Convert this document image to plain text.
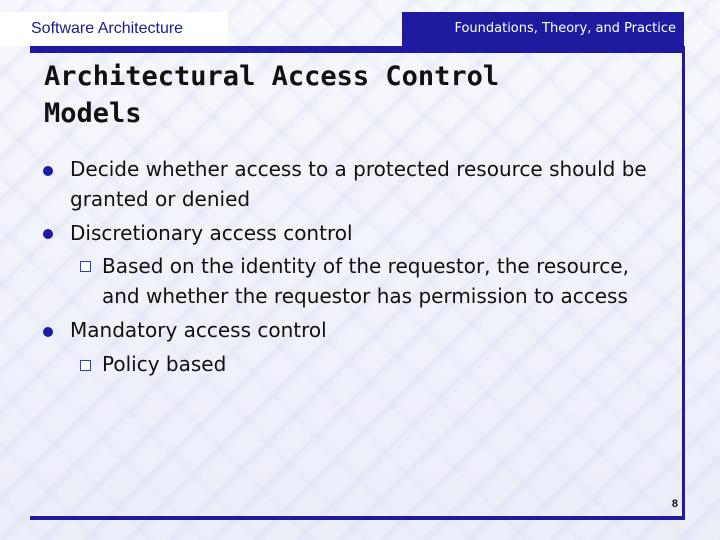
Software Architecture	Foundations, Theory, and Practice
Architectural Access Control
Models
Decide whether access to a protected resource should be
granted or denied
Discretionary access control
Based on the identity of the requestor, the resource,
and whether the requestor has permission to access
Mandatory access control
Policy based
8
